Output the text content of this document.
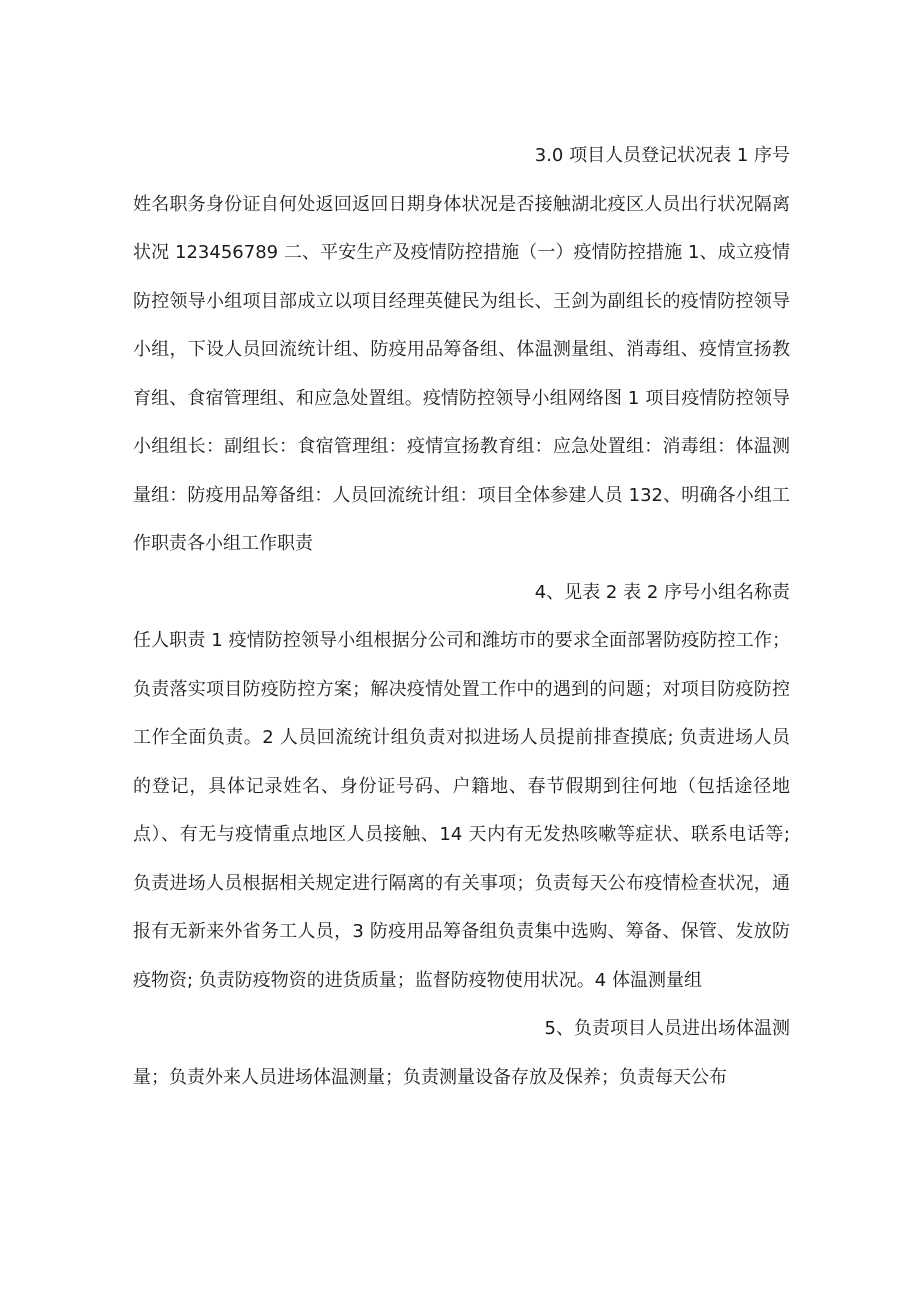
3.0 项目人员登记状况表 1 序号

姓名职务身份证自何处返回返回日期身体状况是否接触湖北疫区人员出行状况隔离状况 123456789 二、平安生产及疫情防控措施（一）疫情防控措施 1、成立疫情防控领导小组项目部成立以项目经理英健民为组长、王剑为副组长的疫情防控领导小组，下设人员回流统计组、防疫用品筹备组、体温测量组、消毒组、疫情宣扬教育组、食宿管理组、和应急处置组。疫情防控领导小组网络图 1 项目疫情防控领导小组组长：副组长：食宿管理组：疫情宣扬教育组：应急处置组：消毒组：体温测量组：防疫用品筹备组：人员回流统计组：项目全体参建人员 132、明确各小组工作职责各小组工作职责

4、见表 2 表 2 序号小组名称责

任人职责 1 疫情防控领导小组根据分公司和潍坊市的要求全面部署防疫防控工作；负责落实项目防疫防控方案；解决疫情处置工作中的遇到的问题；对项目防疫防控工作全面负责。2 人员回流统计组负责对拟进场人员提前排查摸底; 负责进场人员的登记，具体记录姓名、身份证号码、户籍地、春节假期到往何地（包括途径地点）、有无与疫情重点地区人员接触、14 天内有无发热咳嗽等症状、联系电话等; 负责进场人员根据相关规定进行隔离的有关事项；负责每天公布疫情检查状况，通报有无新来外省务工人员，3 防疫用品筹备组负责集中选购、筹备、保管、发放防疫物资; 负责防疫物资的进货质量；监督防疫物使用状况。4 体温测量组

5、负责项目人员进出场体温测

量；负责外来人员进场体温测量；负责测量设备存放及保养；负责每天公布
